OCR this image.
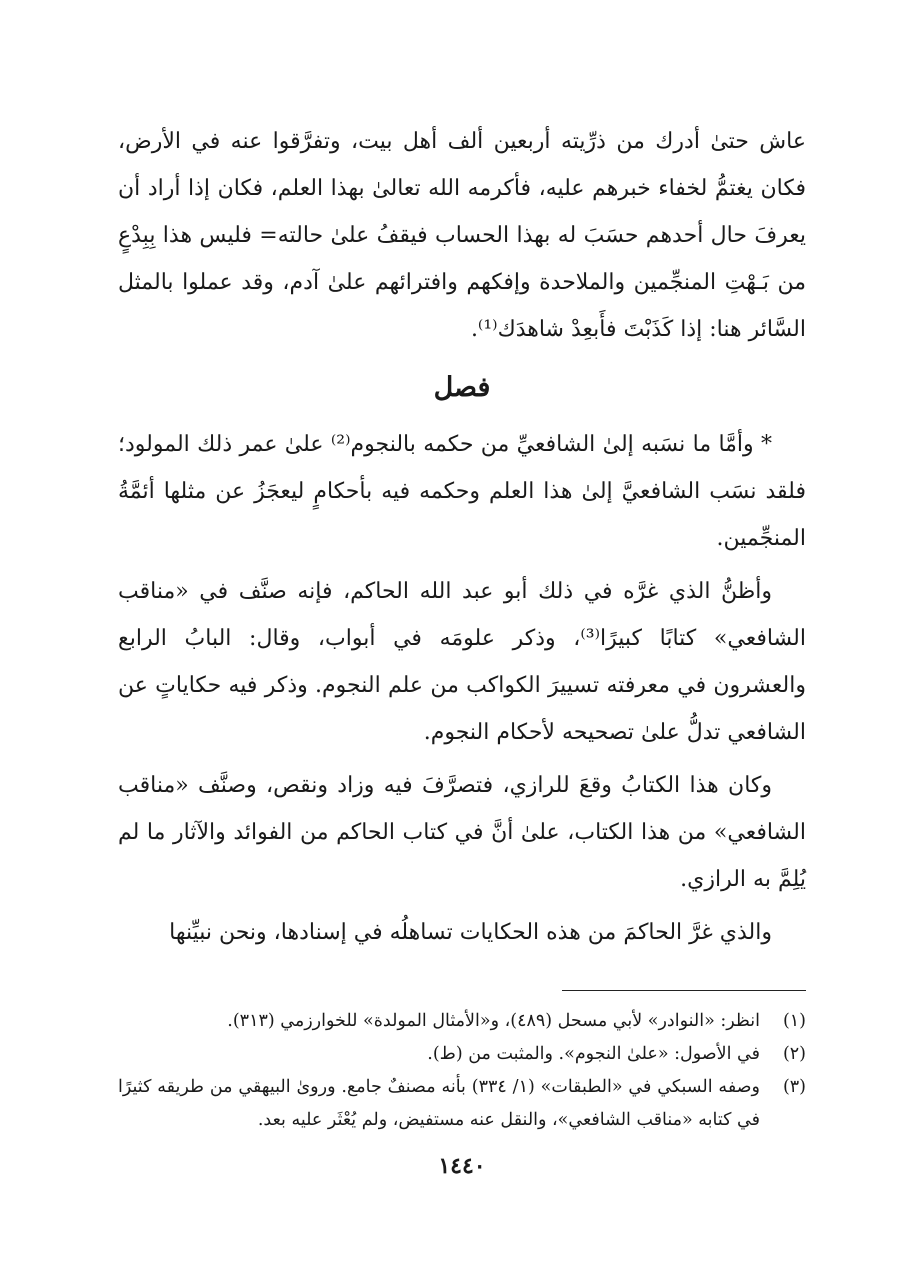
عاش حتىٰ أدرك من ذرِّيته أربعين ألف أهل بيت، وتفرَّقوا عنه في الأرض، فكان يغتمُّ لخفاء خبرهم عليه، فأكرمه الله تعالىٰ بهذا العلم، فكان إذا أراد أن يعرفَ حال أحدهم حسَبَ له بهذا الحساب فيقفُ علىٰ حالته= فليس هذا بِبِدْعٍ من بَـهْتِ المنجِّمين والملاحدة وإفكهم وافترائهم علىٰ آدم، وقد عملوا بالمثل السَّائر هنا: إذا كَذَبْتَ فأَبعِدْ شاهدَك⁽¹⁾.

فصل

* وأمَّا ما نسَبه إلىٰ الشافعيِّ من حكمه بالنجوم⁽²⁾ علىٰ عمر ذلك المولود؛ فلقد نسَب الشافعيَّ إلىٰ هذا العلم وحكمه فيه بأحكامٍ ليعجَزُ عن مثلها أئمَّةُ المنجِّمين.

وأظنُّ الذي غرَّه في ذلك أبو عبد الله الحاكم، فإنه صنَّف في «مناقب الشافعي» كتابًا كبيرًا⁽³⁾، وذكر علومَه في أبواب، وقال: البابُ الرابع والعشرون في معرفته تسييرَ الكواكب من علم النجوم. وذكر فيه حكاياتٍ عن الشافعي تدلُّ علىٰ تصحيحه لأحكام النجوم.

وكان هذا الكتابُ وقعَ للرازي، فتصرَّفَ فيه وزاد ونقص، وصنَّف «مناقب الشافعي» من هذا الكتاب، علىٰ أنَّ في كتاب الحاكم من الفوائد والآثار ما لم يُلِمَّ به الرازي.

والذي غرَّ الحاكمَ من هذه الحكايات تساهلُه في إسنادها، ونحن نبيِّنها

(١)
انظر: «النوادر» لأبي مسحل (٤٨٩)، و«الأمثال المولدة» للخوارزمي (٣١٣).
(٢)
في الأصول: «علىٰ النجوم». والمثبت من (ط).
(٣)
وصفه السبكي في «الطبقات» (١/ ٣٣٤) بأنه مصنفٌ جامع. وروىٰ البيهقي من طريقه كثيرًا في كتابه «مناقب الشافعي»، والنقل عنه مستفيض، ولم يُعْثَر عليه بعد.
١٤٤٠
